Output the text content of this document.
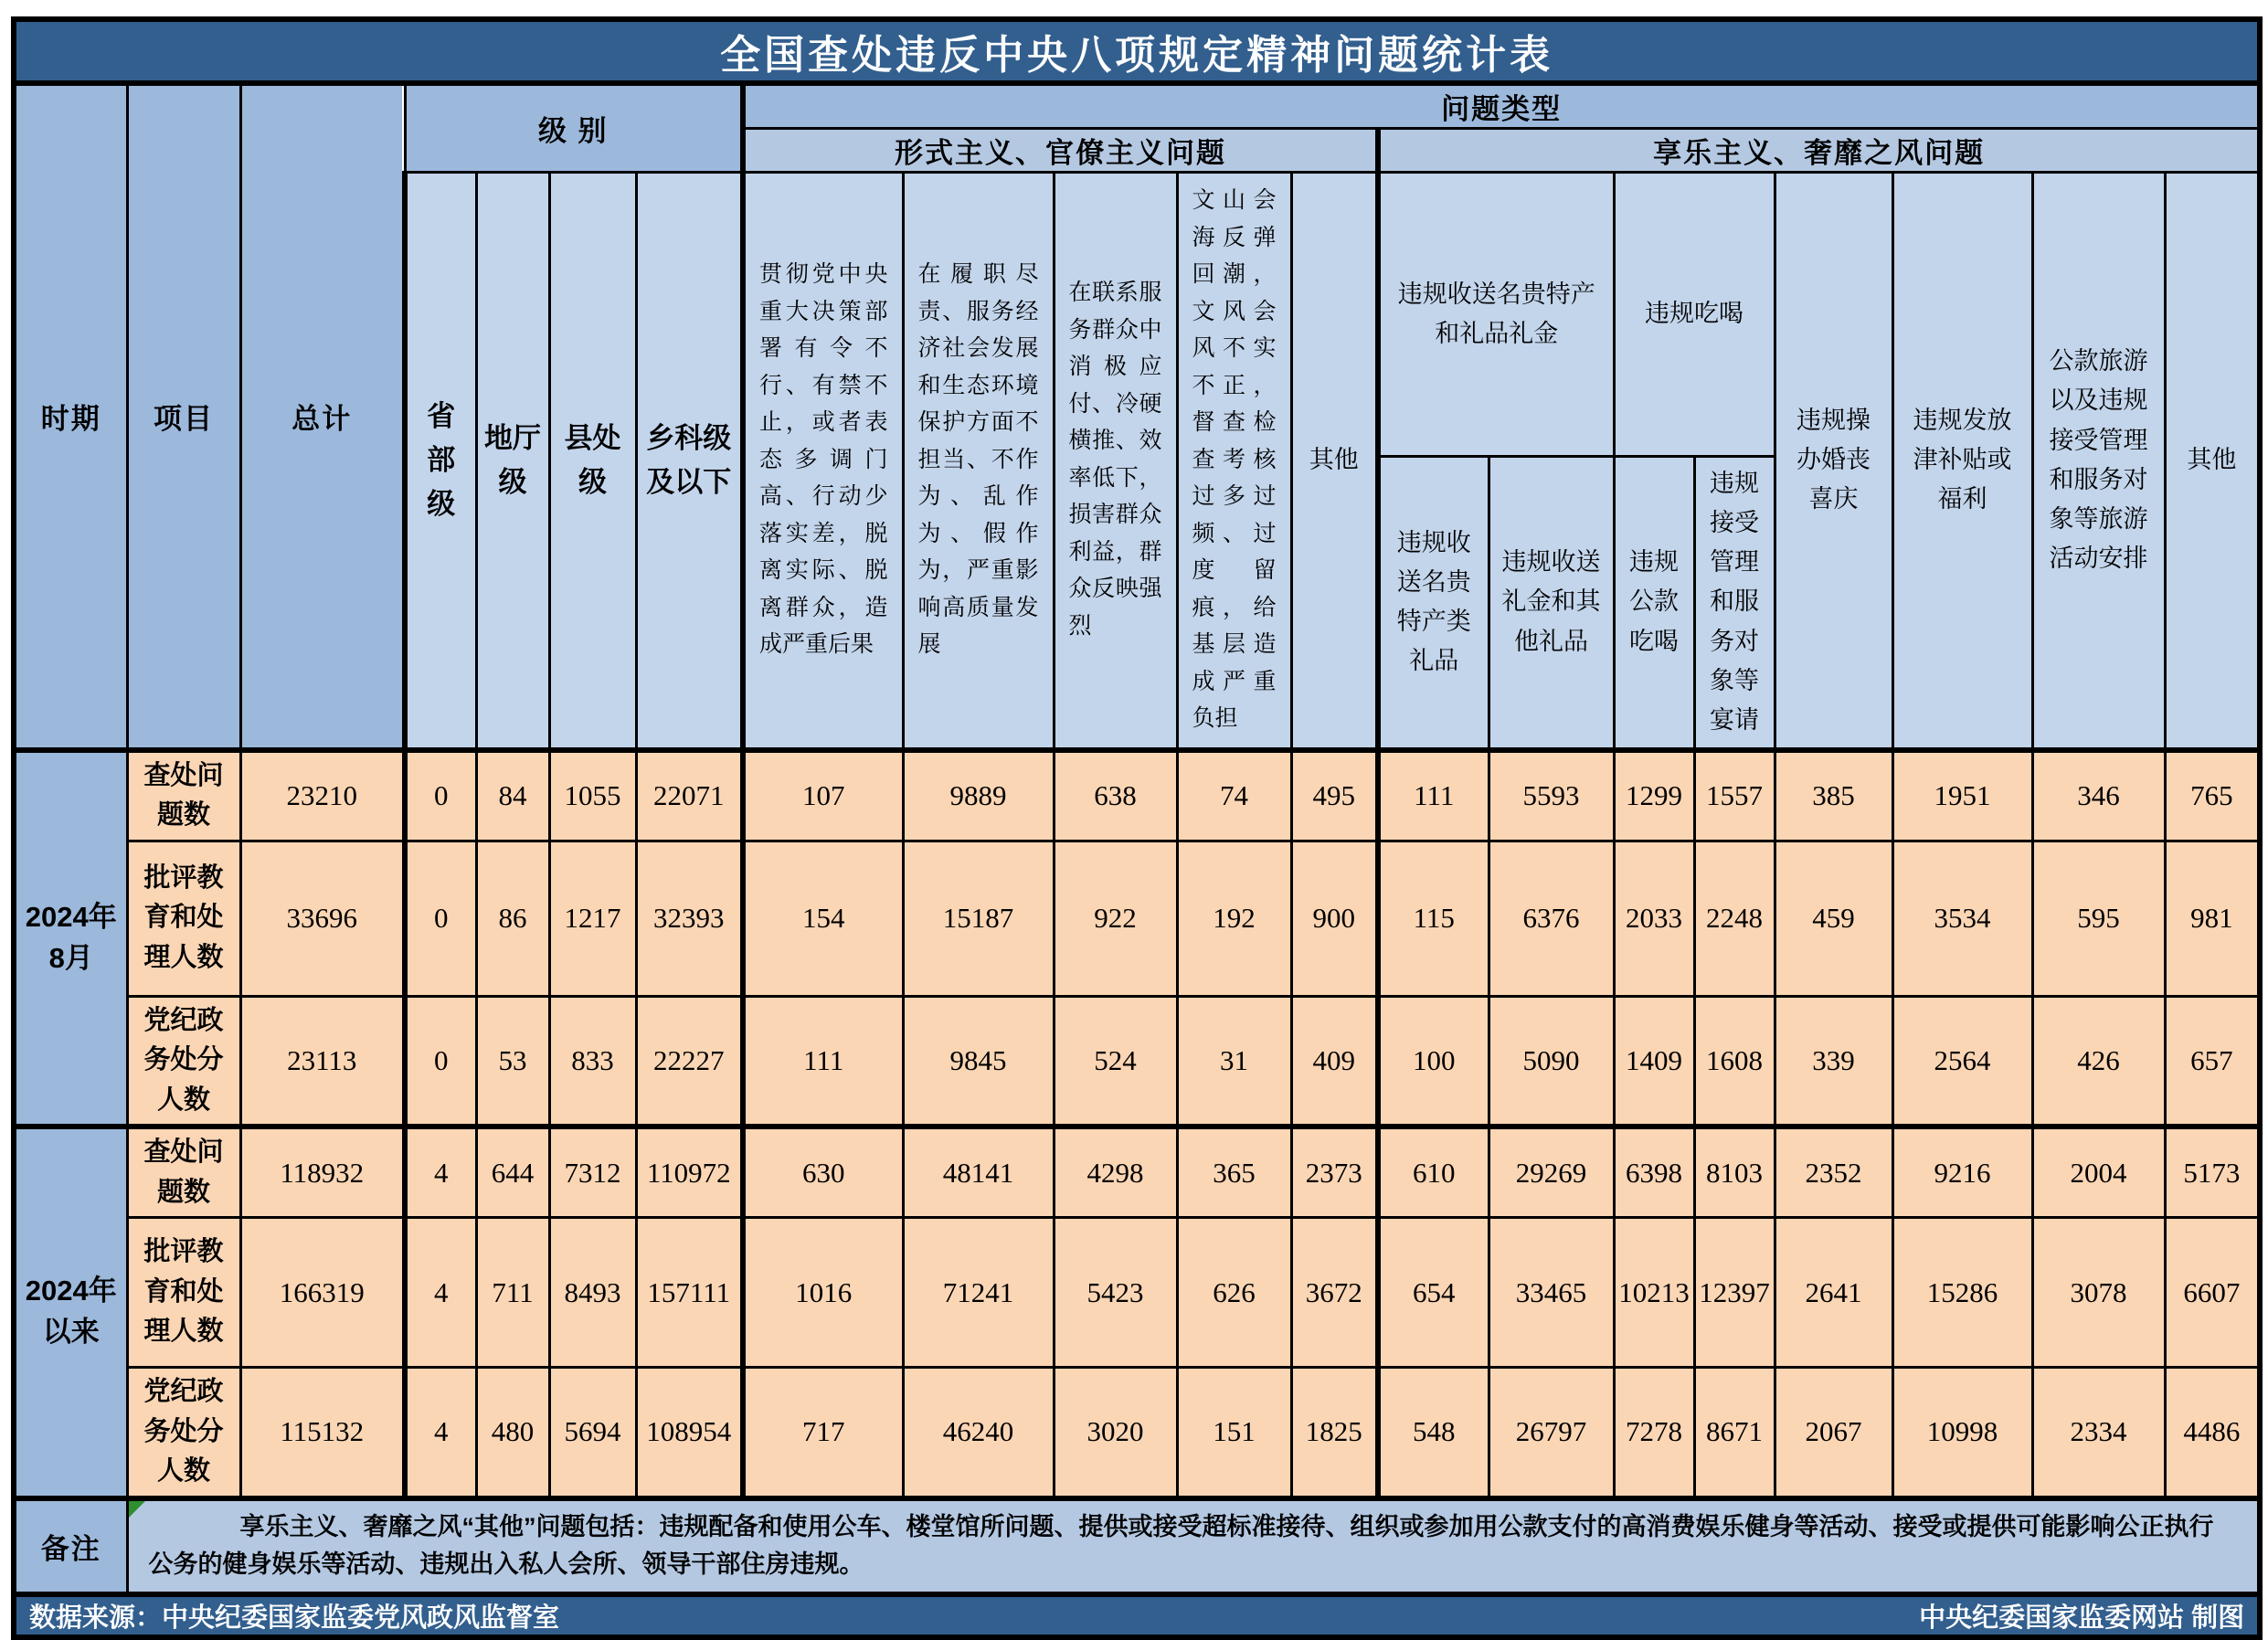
全国查处违反中央八项规定精神问题统计表																			
时期	项目	总计	级 别				问题类型												
							形式主义、官僚主义问题					享乐主义、奢靡之风问题							
			省部级	地厅级	县处级	乡科级及以下	贯彻党中央重大决策部署有令不行、有禁不止，或者表态多调门高、行动少落实差，脱离实际、脱离群众，造成严重后果	在履职尽责、服务经济社会发展和生态环境保护方面不担当、不作为、乱作为、假作为，严重影响高质量发展	在联系服务群众中消极应付、冷硬横推、效率低下，损害群众利益，群众反映强烈	文山会海反弹回潮，文风会风不实不正，督查检查考核过多过频、过度留痕，给基层造成严重负担	其他	违规收送名贵特产和礼品礼金		违规吃喝		违规操办婚丧喜庆	违规发放津补贴或福利	公款旅游以及违规接受管理和服务对象等旅游活动安排	其他
												违规收送名贵特产类礼品	违规收送礼金和其他礼品	违规公款吃喝	违规接受管理和服务对象等宴请				
2024年8月	查处问题数	23210	0	84	1055	22071	107	9889	638	74	495	111	5593	1299	1557	385	1951	346	765
	批评教育和处理人数	33696	0	86	1217	32393	154	15187	922	192	900	115	6376	2033	2248	459	3534	595	981
	党纪政务处分人数	23113	0	53	833	22227	111	9845	524	31	409	100	5090	1409	1608	339	2564	426	657
2024年以来	查处问题数	118932	4	644	7312	110972	630	48141	4298	365	2373	610	29269	6398	8103	2352	9216	2004	5173
	批评教育和处理人数	166319	4	711	8493	157111	1016	71241	5423	626	3672	654	33465	10213	12397	2641	15286	3078	6607
	党纪政务处分人数	115132	4	480	5694	108954	717	46240	3020	151	1825	548	26797	7278	8671	2067	10998	2334	4486
备注	享乐主义、奢靡之风“其他”问题包括：违规配备和使用公车、楼堂馆所问题、提供或接受超标准接待、组织或参加用公款支付的高消费娱乐健身等活动、接受或提供可能影响公正执行公务的健身娱乐等活动、违规出入私人会所、领导干部住房违规。																		

数据来源：中央纪委国家监委党风政风监督室 中央纪委国家监委网站 制图																			
